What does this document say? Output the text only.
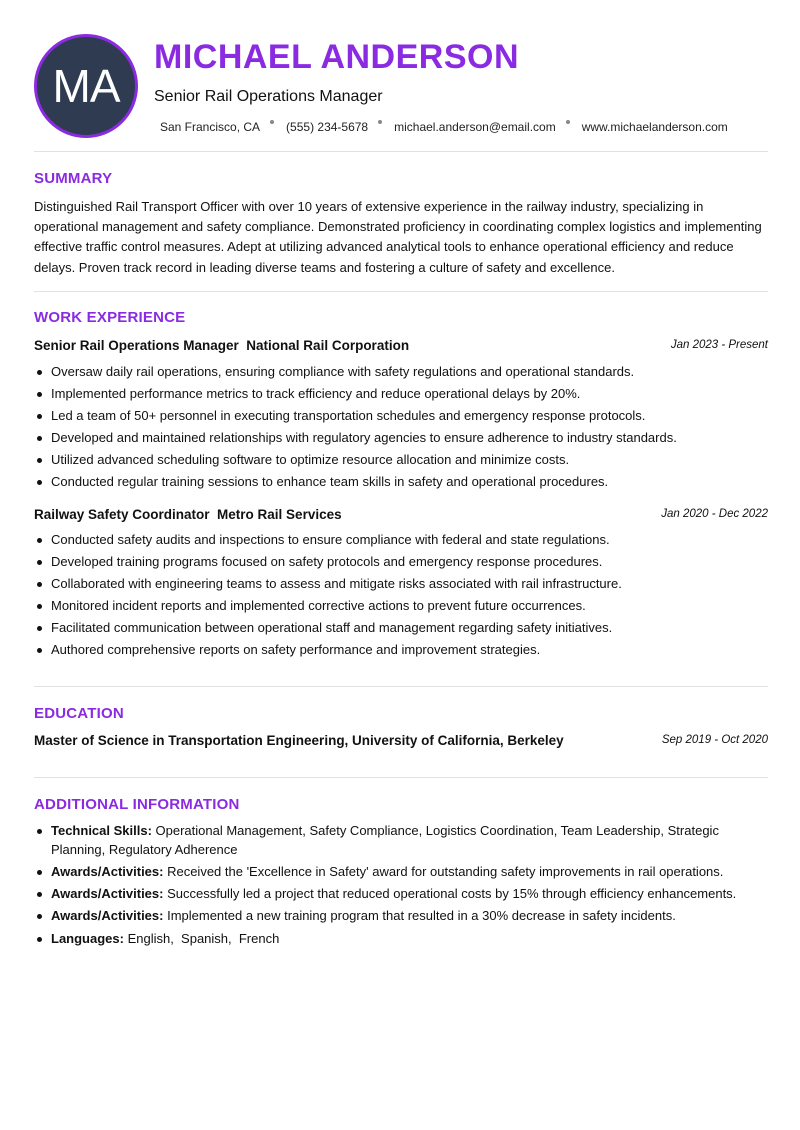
MA
MICHAEL ANDERSON
Senior Rail Operations Manager
San Francisco, CA (555) 234-5678 michael.anderson@email.com www.michaelanderson.com
SUMMARY
Distinguished Rail Transport Officer with over 10 years of extensive experience in the railway industry, specializing in operational management and safety compliance. Demonstrated proficiency in coordinating complex logistics and implementing effective traffic control measures. Adept at utilizing advanced analytical tools to enhance operational efficiency and reduce delays. Proven track record in leading diverse teams and fostering a culture of safety and excellence.
WORK EXPERIENCE
Senior Rail Operations Manager  National Rail Corporation	Jan 2023 - Present
Oversaw daily rail operations, ensuring compliance with safety regulations and operational standards.
Implemented performance metrics to track efficiency and reduce operational delays by 20%.
Led a team of 50+ personnel in executing transportation schedules and emergency response protocols.
Developed and maintained relationships with regulatory agencies to ensure adherence to industry standards.
Utilized advanced scheduling software to optimize resource allocation and minimize costs.
Conducted regular training sessions to enhance team skills in safety and operational procedures.
Railway Safety Coordinator  Metro Rail Services	Jan 2020 - Dec 2022
Conducted safety audits and inspections to ensure compliance with federal and state regulations.
Developed training programs focused on safety protocols and emergency response procedures.
Collaborated with engineering teams to assess and mitigate risks associated with rail infrastructure.
Monitored incident reports and implemented corrective actions to prevent future occurrences.
Facilitated communication between operational staff and management regarding safety initiatives.
Authored comprehensive reports on safety performance and improvement strategies.
EDUCATION
Master of Science in Transportation Engineering, University of California, Berkeley	Sep 2019 - Oct 2020
ADDITIONAL INFORMATION
Technical Skills: Operational Management, Safety Compliance, Logistics Coordination, Team Leadership, Strategic Planning, Regulatory Adherence
Awards/Activities: Received the 'Excellence in Safety' award for outstanding safety improvements in rail operations.
Awards/Activities: Successfully led a project that reduced operational costs by 15% through efficiency enhancements.
Awards/Activities: Implemented a new training program that resulted in a 30% decrease in safety incidents.
Languages: English,  Spanish,  French
